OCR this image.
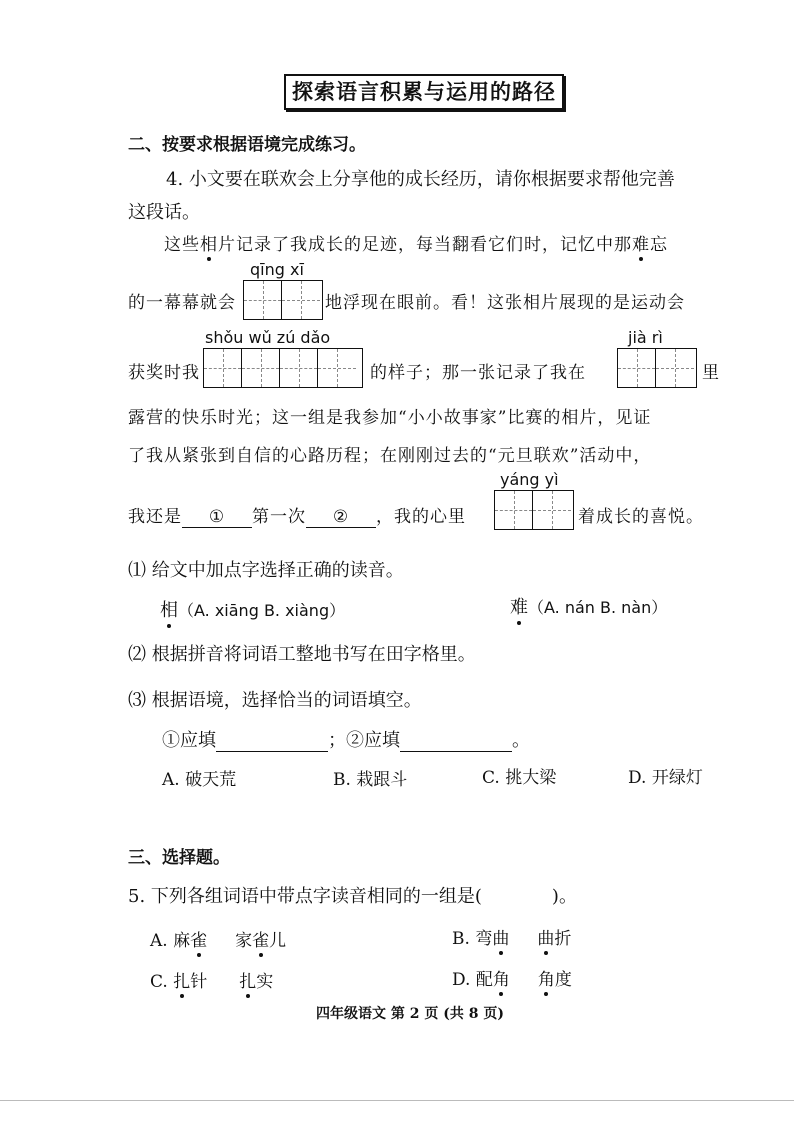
探索语言积累与运用的路径
二、按要求根据语境完成练习。
4. 小文要在联欢会上分享他的成长经历，请你根据要求帮他完善
这段话。
这些相片记录了我成长的足迹，每当翻看它们时，记忆中那难忘
qīng xī
的一幕幕就会	地浮现在眼前。看！这张相片展现的是运动会
shǒu wǔ zú dǎo	jià rì
获奖时我	的样子；那一张记录了我在	里
露营的快乐时光；这一组是我参加“小小故事家”比赛的相片，见证
了我从紧张到自信的心路历程；在刚刚过去的“元旦联欢”活动中，
yáng yì
我还是 ① 第一次 ② ，我的心里	着成长的喜悦。
⑴ 给文中加点字选择正确的读音。
相（A. xiāng B. xiàng）	难（A. nán B. nàn）
⑵ 根据拼音将词语工整地书写在田字格里。
⑶ 根据语境，选择恰当的词语填空。
①应填	；②应填	。
A. 破天荒	B. 栽跟斗	C. 挑大梁	D. 开绿灯
三、选择题。
5. 下列各组词语中带点字读音相同的一组是(	)。
A. 麻雀 家雀儿	B. 弯曲 曲折
C. 扎针 扎实	D. 配角 角度
四年级语文 第 2 页 (共 8 页)
